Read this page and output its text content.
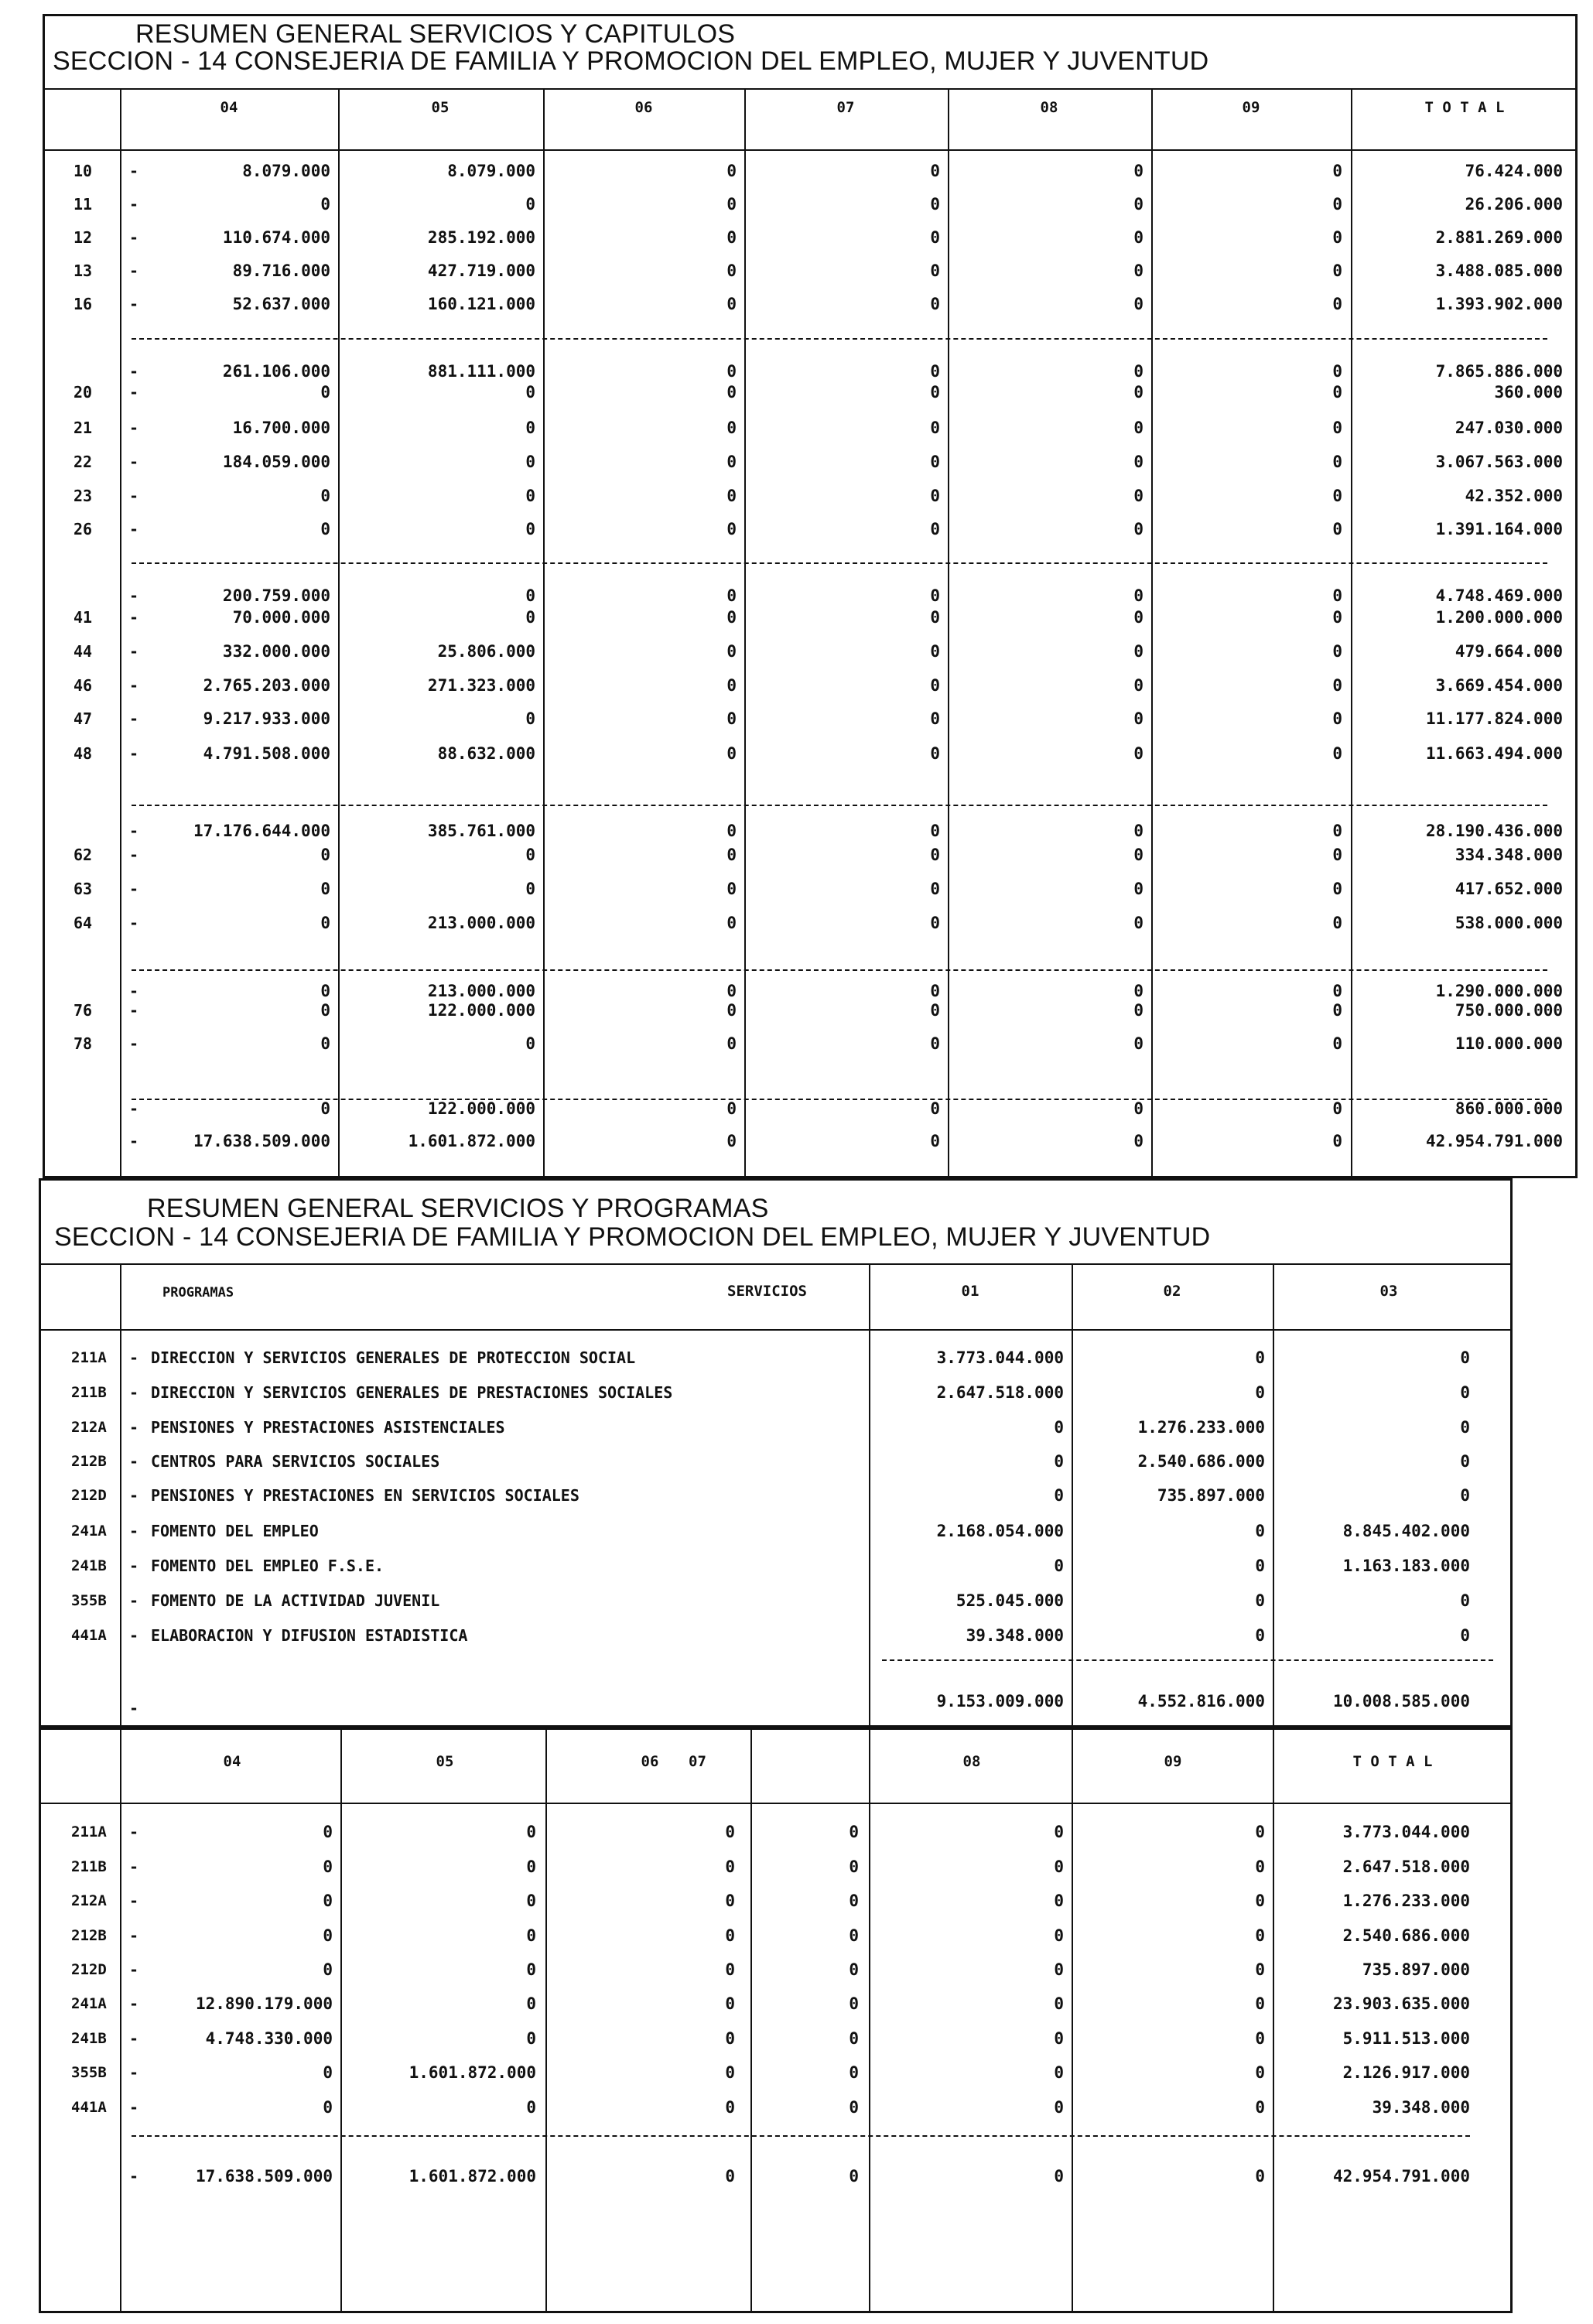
RESUMEN GENERAL SERVICIOS Y CAPITULOS
SECCION - 14 CONSEJERIA DE FAMILIA Y PROMOCION DEL EMPLEO, MUJER Y JUVENTUD
RESUMEN GENERAL SERVICIOS Y PROGRAMAS
SECCION - 14 CONSEJERIA DE FAMILIA Y PROMOCION DEL EMPLEO, MUJER Y JUVENTUD
04	05	06	07	08	09	T O T A L
10 -	8.079.000	8.079.000	0	0	0	0	76.424.000
11 -	0	0	0	0	0	0	26.206.000
12 -	110.674.000	285.192.000	0	0	0	0	2.881.269.000
13 -	89.716.000	427.719.000	0	0	0	0	3.488.085.000
16 -	52.637.000	160.121.000	0	0	0	0	1.393.902.000
-	261.106.000	881.111.000	0	0	0	0	7.865.886.000
20 -	0	0	0	0	0	0	360.000
21 -	16.700.000	0	0	0	0	0	247.030.000
22 -	184.059.000	0	0	0	0	0	3.067.563.000
23 -	0	0	0	0	0	0	42.352.000
26 -	0	0	0	0	0	0	1.391.164.000
-	200.759.000	0	0	0	0	0	4.748.469.000
41 -	70.000.000	0	0	0	0	0	1.200.000.000
44 -	332.000.000	25.806.000	0	0	0	0	479.664.000
46 -	2.765.203.000	271.323.000	0	0	0	0	3.669.454.000
47 -	9.217.933.000	0	0	0	0	0	11.177.824.000
48 -	4.791.508.000	88.632.000	0	0	0	0	11.663.494.000
-	17.176.644.000	385.761.000	0	0	0	0	28.190.436.000
62 -	0	0	0	0	0	0	334.348.000
63 -	0	0	0	0	0	0	417.652.000
64 -	0	213.000.000	0	0	0	0	538.000.000
-	0	213.000.000	0	0	0	0	1.290.000.000
76 -	0	122.000.000	0	0	0	0	750.000.000
78 -	0	0	0	0	0	0	110.000.000
-	0	122.000.000	0	0	0	0	860.000.000
-	17.638.509.000	1.601.872.000	0	0	0	0	42.954.791.000
PROGRAMAS	SERVICIOS	01	02	03
211A - DIRECCION Y SERVICIOS GENERALES DE PROTECCION SOCIAL	3.773.044.000	0	0
211B - DIRECCION Y SERVICIOS GENERALES DE PRESTACIONES SOCIALES	2.647.518.000	0	0
212A - PENSIONES Y PRESTACIONES ASISTENCIALES	0	1.276.233.000	0
212B - CENTROS PARA SERVICIOS SOCIALES	0	2.540.686.000	0
212D - PENSIONES Y PRESTACIONES EN SERVICIOS SOCIALES	0	735.897.000	0
241A - FOMENTO DEL EMPLEO	2.168.054.000	0	8.845.402.000
241B - FOMENTO DEL EMPLEO F.S.E.	0	0	1.163.183.000
355B - FOMENTO DE LA ACTIVIDAD JUVENIL	525.045.000	0	0
441A - ELABORACION Y DIFUSION ESTADISTICA	39.348.000	0	0
-	9.153.009.000	4.552.816.000	10.008.585.000
04	05	06	07	08	09	T O T A L
211A -	0	0	0	0	0	0	3.773.044.000
211B -	0	0	0	0	0	0	2.647.518.000
212A -	0	0	0	0	0	0	1.276.233.000
212B -	0	0	0	0	0	0	2.540.686.000
212D -	0	0	0	0	0	0	735.897.000
241A -	12.890.179.000	0	0	0	0	0	23.903.635.000
241B -	4.748.330.000	0	0	0	0	0	5.911.513.000
355B -	0	1.601.872.000	0	0	0	0	2.126.917.000
441A -	0	0	0	0	0	0	39.348.000
-	17.638.509.000	1.601.872.000	0	0	0	0	42.954.791.000
